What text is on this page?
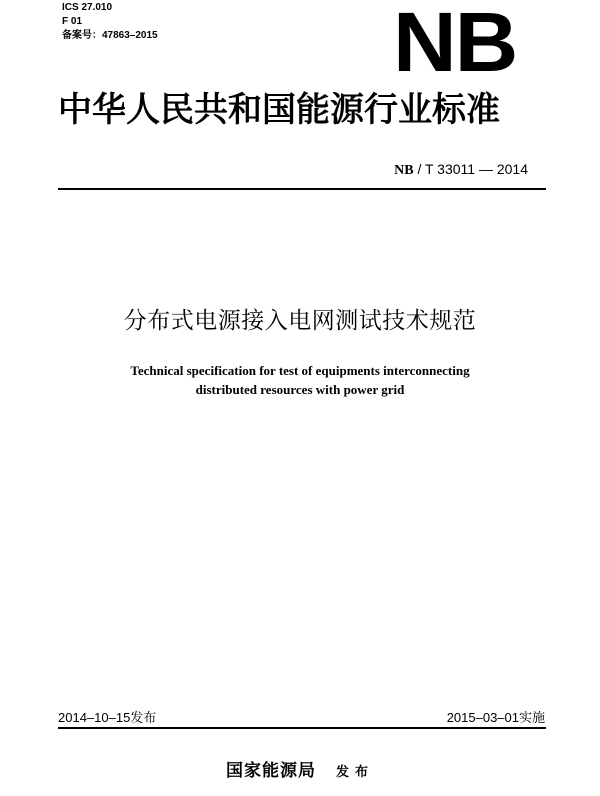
ICS 27.010
F 01
备案号：47863–2015	NB
中华人民共和国能源行业标准
NB / T 33011 — 2014
分布式电源接入电网测试技术规范
Technical specification for test of equipments interconnecting
distributed resources with power grid
2014–10–15发布	2015–03–01实施
国家能源局 发布
